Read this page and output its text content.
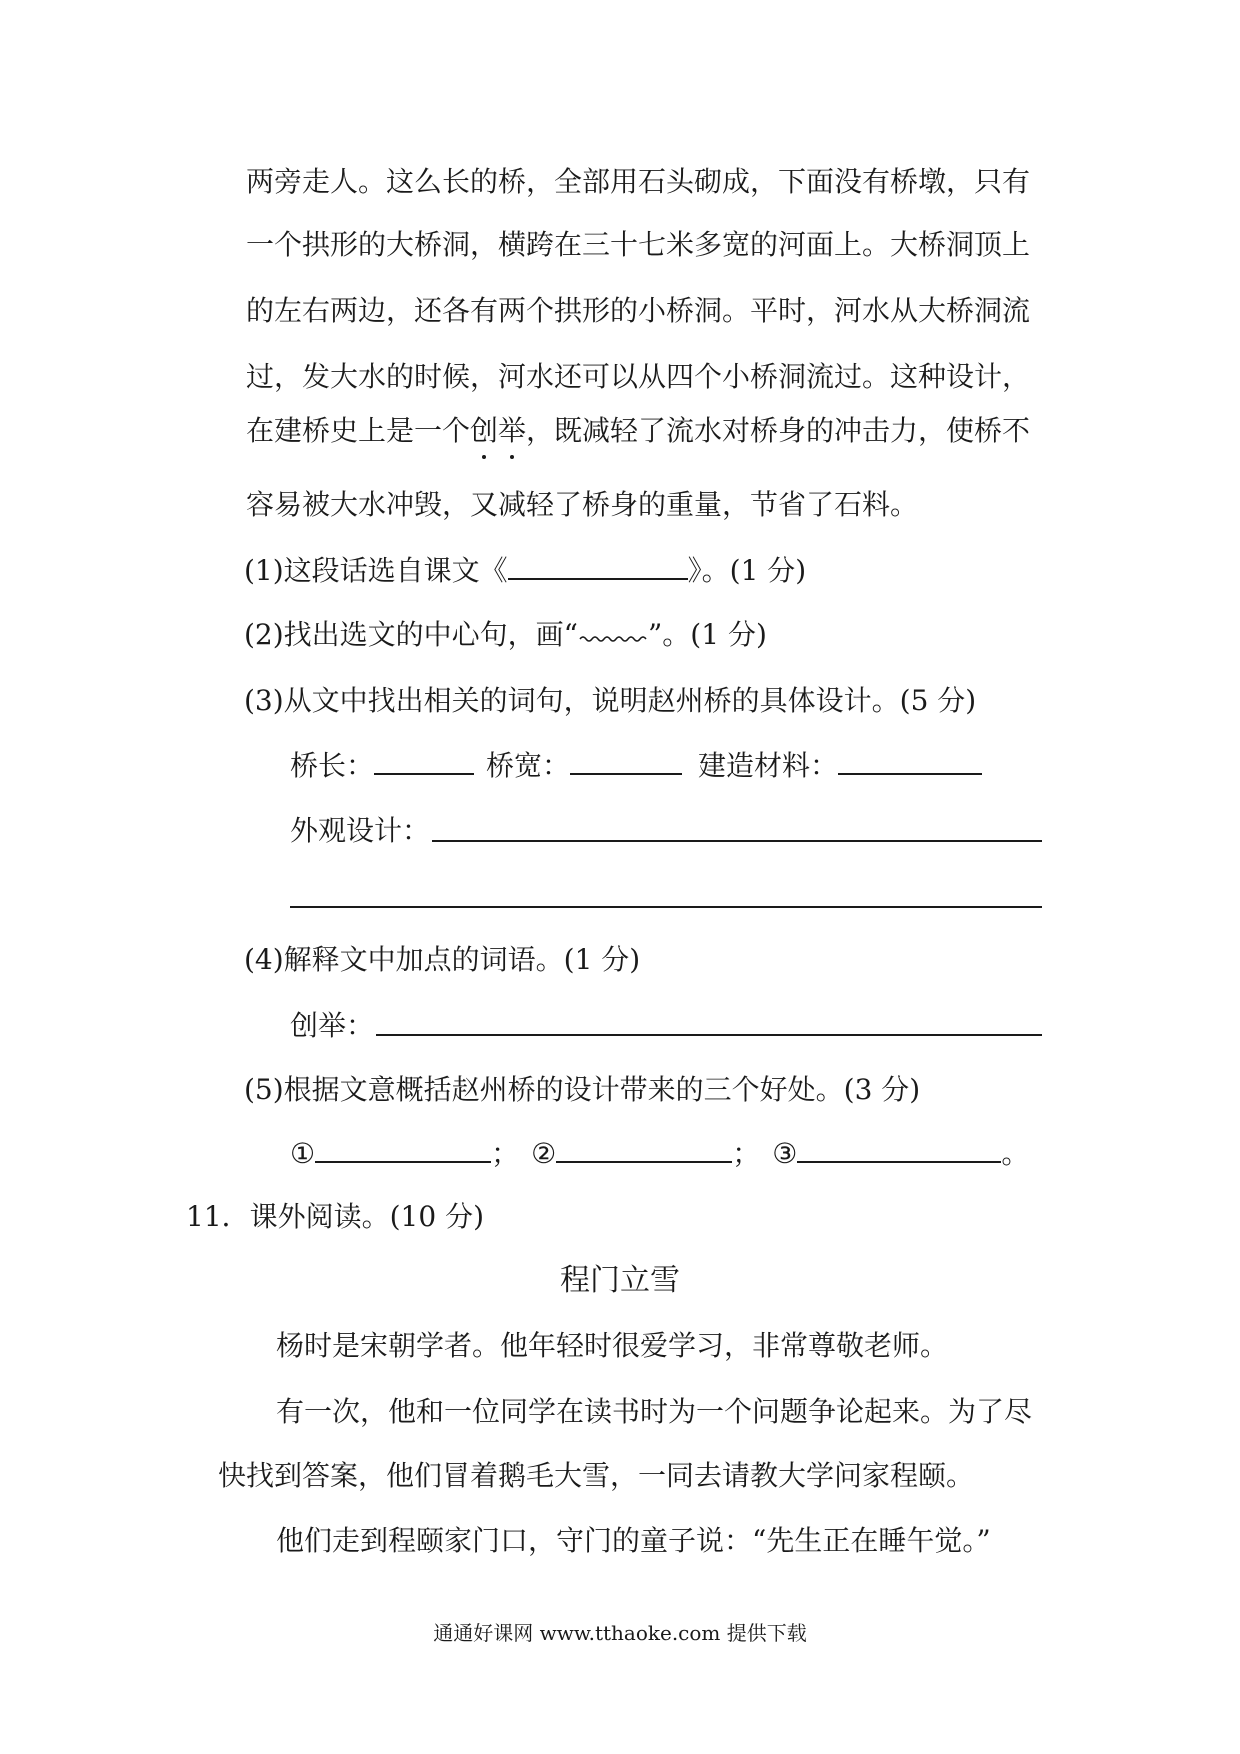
两旁走人。这么长的桥，全部用石头砌成，下面没有桥墩，只有
一个拱形的大桥洞，横跨在三十七米多宽的河面上。大桥洞顶上
的左右两边，还各有两个拱形的小桥洞。平时，河水从大桥洞流
过，发大水的时候，河水还可以从四个小桥洞流过。这种设计，
在建桥史上是一个创举，既减轻了流水对桥身的冲击力，使桥不
容易被大水冲毁，又减轻了桥身的重量，节省了石料。
(1)这段话选自课文《	》。(1 分)
(2)找出选文的中心句，画“	”。(1 分)
(3)从文中找出相关的词句，说明赵州桥的具体设计。(5 分)
桥长：	桥宽：	建造材料：
外观设计：
(4)解释文中加点的词语。(1 分)
创举：
(5)根据文意概括赵州桥的设计带来的三个好处。(3 分)
①	； ②	； ③	。
11．课外阅读。(10 分)
程门立雪
杨时是宋朝学者。他年轻时很爱学习，非常尊敬老师。
有一次，他和一位同学在读书时为一个问题争论起来。为了尽
快找到答案，他们冒着鹅毛大雪，一同去请教大学问家程颐。
他们走到程颐家门口，守门的童子说：“先生正在睡午觉。”
通通好课网 www.tthaoke.com 提供下载
